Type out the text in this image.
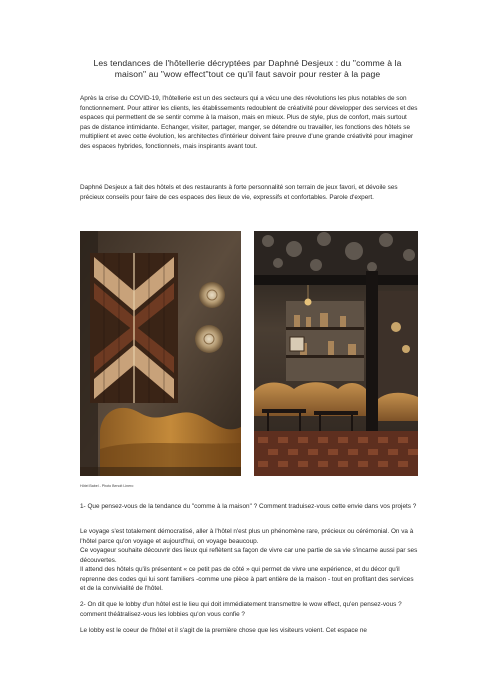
Les tendances de l'hôtellerie décryptées par Daphné Desjeux : du "comme à la
maison" au "wow effect"tout ce qu'il faut savoir pour rester à la page

Après la crise du COVID-19, l'hôtellerie est un des secteurs qui a vécu une des révolutions les plus notables de son fonctionnement. Pour attirer les clients, les établissements redoublent de créativité pour développer des services et des espaces qui permettent de se sentir comme à la maison, mais en mieux. Plus de style, plus de confort, mais surtout pas de distance intimidante. Echanger, visiter, partager, manger, se détendre ou travailler, les fonctions des hôtels se multiplient et avec cette évolution, les architectes d'intérieur doivent faire preuve d'une grande créativité pour imaginer des espaces hybrides, fonctionnels, mais inspirants avant tout.

Daphné Desjeux a fait des hôtels et des restaurants à forte personnalité son terrain de jeux favori, et dévoile ses précieux conseils pour faire de ces espaces des lieux de vie, expressifs et confortables. Parole d'expert.

Hôtel Babel - Photo Benoit Linero

1- Que pensez-vous de la tendance du "comme à la maison" ? Comment traduisez-vous cette envie dans vos projets ?

Le voyage s'est totalement démocratisé, aller à l'hôtel n'est plus un phénomène rare, précieux ou cérémonial. On va à l'hôtel parce qu'on voyage et aujourd'hui, on voyage beaucoup.
Ce voyageur souhaite découvrir des lieux qui reflètent sa façon de vivre car une partie de sa vie s'incarne aussi par ses découvertes.
Il attend des hôtels qu'ils présentent « ce petit pas de côté » qui permet de vivre une expérience, et du décor qu'il reprenne des codes qui lui sont familiers -comme une pièce à part entière de la maison - tout en profitant des services et de la convivialité de l'hôtel.

2- On dit que le lobby d'un hôtel est le lieu qui doit immédiatement transmettre le wow effect, qu'en pensez-vous ? comment théâtralisez-vous les lobbies qu'on vous confie ?

Le lobby est le coeur de l'hôtel et il s'agit de la première chose que les visiteurs voient. Cet espace ne
